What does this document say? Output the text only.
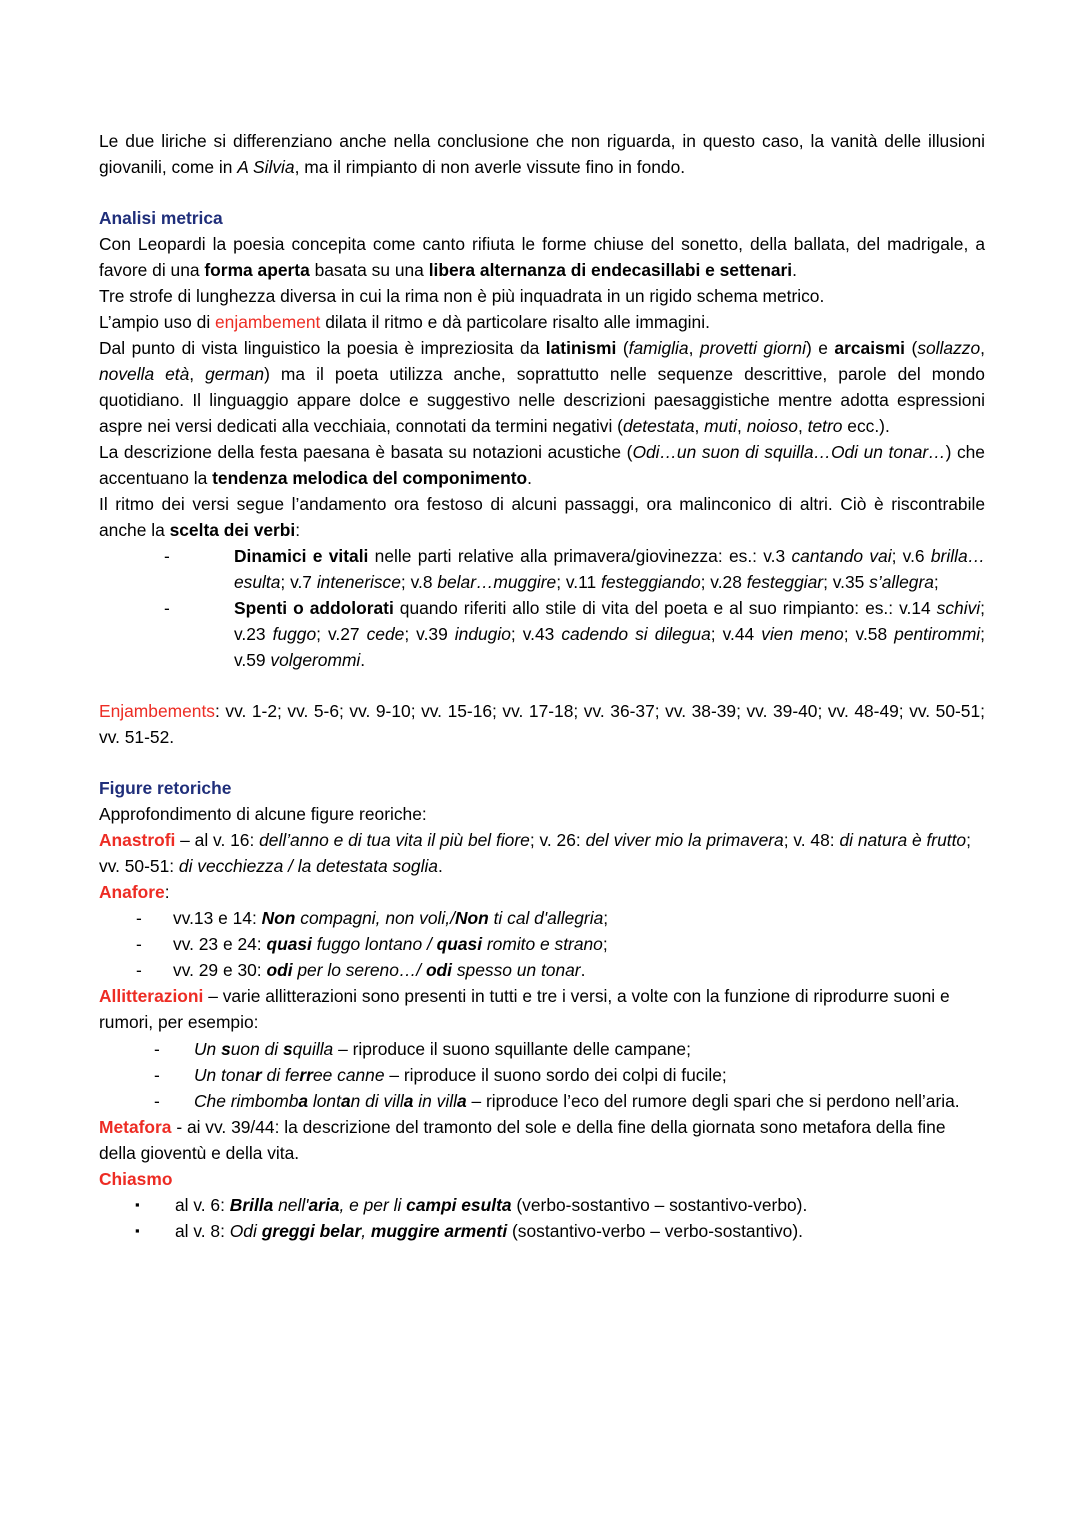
Le due liriche si differenziano anche nella conclusione che non riguarda, in questo caso, la vanità delle illusioni giovanili, come in A Silvia, ma il rimpianto di non averle vissute fino in fondo.

Analisi metrica

Con Leopardi la poesia concepita come canto rifiuta le forme chiuse del sonetto, della ballata, del madrigale, a favore di una forma aperta basata su una libera alternanza di endecasillabi e settenari.

Tre strofe di lunghezza diversa in cui la rima non è più inquadrata in un rigido schema metrico.

L’ampio uso di enjambement dilata il ritmo e dà particolare risalto alle immagini.

Dal punto di vista linguistico la poesia è impreziosita da latinismi (famiglia, provetti giorni) e arcaismi (sollazzo, novella età, german) ma il poeta utilizza anche, soprattutto nelle sequenze descrittive, parole del mondo quotidiano. Il linguaggio appare dolce e suggestivo nelle descrizioni paesaggistiche mentre adotta espressioni aspre nei versi dedicati alla vecchiaia, connotati da termini negativi (detestata, muti, noioso, tetro ecc.).

La descrizione della festa paesana è basata su notazioni acustiche (Odi…un suon di squilla…Odi un tonar…) che accentuano la tendenza melodica del componimento.

Il ritmo dei versi segue l’andamento ora festoso di alcuni passaggi, ora malinconico di altri. Ciò è riscontrabile anche la scelta dei verbi:

-	Dinamici e vitali nelle parti relative alla primavera/giovinezza: es.: v.3 cantando vai; v.6 brilla…esulta; v.7 intenerisce; v.8 belar…muggire; v.11 festeggiando; v.28 festeggiar; v.35 s’allegra;
-	Spenti o addolorati quando riferiti allo stile di vita del poeta e al suo rimpianto: es.: v.14 schivi; v.23 fuggo; v.27 cede; v.39 indugio; v.43 cadendo si dilegua; v.44 vien meno; v.58 pentirommi; v.59 volgerommi.

Enjambements: vv. 1-2; vv. 5-6; vv. 9-10; vv. 15-16; vv. 17-18; vv. 36-37; vv. 38-39; vv. 39-40; vv. 48-49; vv. 50-51; vv. 51-52.

Figure retoriche

Approfondimento di alcune figure reoriche:

Anastrofi – al v. 16: dell’anno e di tua vita il più bel fiore; v. 26: del viver mio la primavera; v. 48: di natura è frutto; vv. 50-51: di vecchiezza / la detestata soglia.

Anafore:

- vv.13 e 14: Non compagni, non voli,/Non ti cal d'allegria;
- vv. 23 e 24: quasi fuggo lontano / quasi romito e strano;
- vv. 29 e 30: odi per lo sereno…/ odi spesso un tonar.

Allitterazioni – varie allitterazioni sono presenti in tutti e tre i versi, a volte con la funzione di riprodurre suoni e rumori, per esempio:

- Un suon di squilla – riproduce il suono squillante delle campane;
- Un tonar di ferree canne – riproduce il suono sordo dei colpi di fucile;
- Che rimbomba lontan di villa in villa – riproduce l’eco del rumore degli spari che si perdono nell’aria.

Metafora - ai vv. 39/44: la descrizione del tramonto del sole e della fine della giornata sono metafora della fine della gioventù e della vita.

Chiasmo

▪ al v. 6: Brilla nell'aria, e per li campi esulta (verbo-sostantivo – sostantivo-verbo).
▪ al v. 8: Odi greggi belar, muggire armenti (sostantivo-verbo – verbo-sostantivo).
